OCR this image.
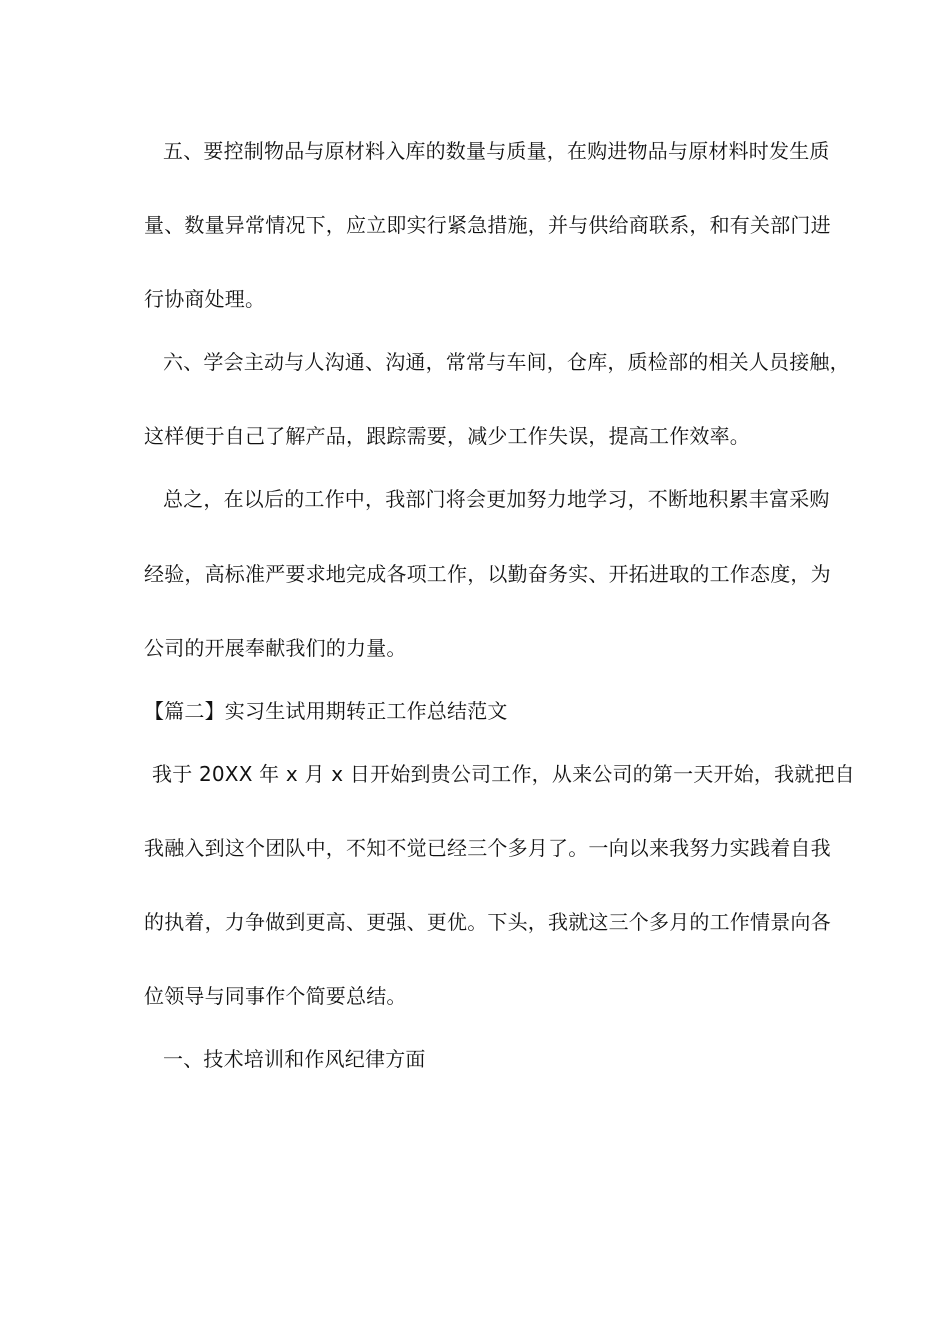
五、要控制物品与原材料入库的数量与质量，在购进物品与原材料时发生质
量、数量异常情况下，应立即实行紧急措施，并与供给商联系，和有关部门进
行协商处理。
六、学会主动与人沟通、沟通，常常与车间，仓库，质检部的相关人员接触，
这样便于自己了解产品，跟踪需要，减少工作失误，提高工作效率。
总之，在以后的工作中，我部门将会更加努力地学习，不断地积累丰富采购
经验，高标准严要求地完成各项工作，以勤奋务实、开拓进取的工作态度，为
公司的开展奉献我们的力量。
【篇二】实习生试用期转正工作总结范文
我于 20XX 年 x 月 x 日开始到贵公司工作，从来公司的第一天开始，我就把自
我融入到这个团队中，不知不觉已经三个多月了。一向以来我努力实践着自我
的执着，力争做到更高、更强、更优。下头，我就这三个多月的工作情景向各
位领导与同事作个简要总结。
一、技术培训和作风纪律方面
